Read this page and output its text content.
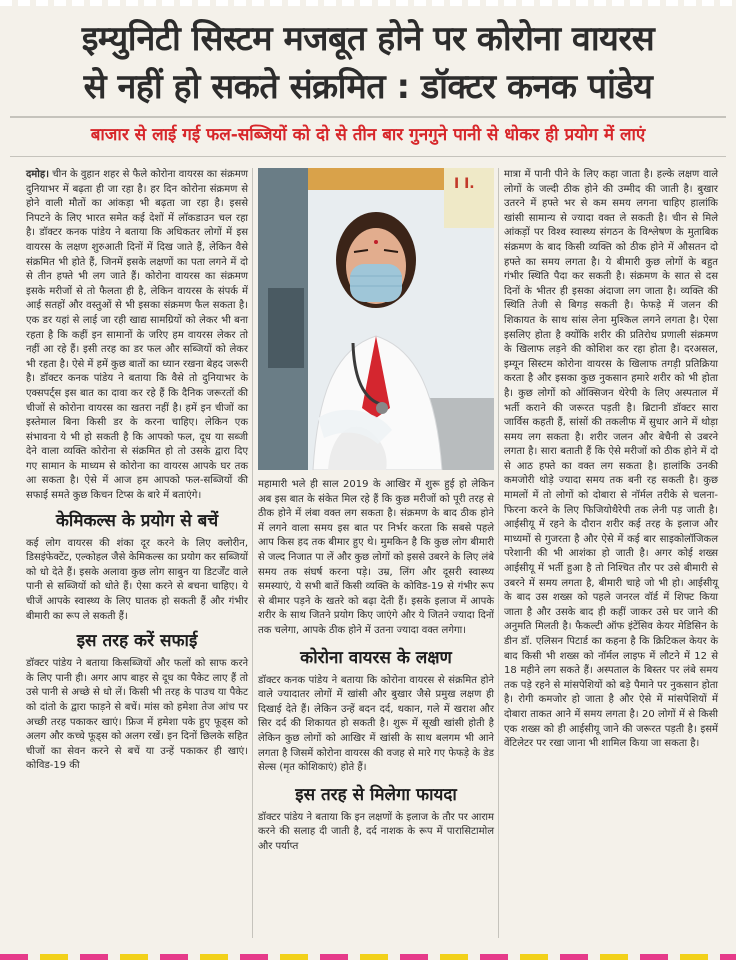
इम्युनिटी सिस्टम मजबूत होने पर कोरोना वायरस
से नहीं हो सकते संक्रमित : डॉक्टर कनक पांडेय
बाजार से लाई गई फल-सब्जियों को दो से तीन बार गुनगुने पानी से धोकर ही प्रयोग में लाएं

दमोह। चीन के वुहान शहर से फैले कोरोना वायरस का संक्रमण दुनियाभर में बढ़ता ही जा रहा है। हर दिन कोरोना संक्रमण से होने वाली मौतों का आंकड़ा भी बढ़ता जा रहा है। इससे निपटने के लिए भारत समेत कई देशों में लॉकडाउन चल रहा है। डॉक्टर कनक पांडेय ने बताया कि अधिकतर लोगों में इस वायरस के लक्षण शुरुआती दिनों में दिख जाते हैं, लेकिन वैसे संक्रमित भी होते हैं, जिनमें इसके लक्षणों का पता लगने में दो से तीन हफ्ते भी लग जाते हैं। कोरोना वायरस का संक्रमण इसके मरीजों से तो फैलता ही है, लेकिन वायरस के संपर्क में आई सतहों और वस्तुओं से भी इसका संक्रमण फैल सकता है। एक डर यहां से लाई जा रही खाद्य सामग्रियों को लेकर भी बना रहता है कि कहीं इन सामानों के जरिए हम वायरस लेकर तो नहीं आ रहे हैं। इसी तरह का डर फल और सब्जियों को लेकर भी रहता है। ऐसे में हमें कुछ बातों का ध्यान रखना बेहद जरूरी है। डॉक्टर कनक पांडेय ने बताया कि वैसे तो दुनियाभर के एक्सपर्ट्स इस बात का दावा कर रहे हैं कि दैनिक जरूरतों की चीजों से कोरोना वायरस का खतरा नहीं है। हमें इन चीजों का इस्तेमाल बिना किसी डर के करना चाहिए। लेकिन एक संभावना ये भी हो सकती है कि आपको फल, दूध या सब्जी देने वाला व्यक्ति कोरोना से संक्रमित हो तो उसके द्वारा दिए गए सामान के माध्यम से कोरोना का वायरस आपके घर तक आ सकता है। ऐसे में आज हम आपको फल-सब्जियों की सफाई समते कुछ किचन टिप्स के बारे में बताएंगे।

केमिकल्स के प्रयोग से बचें

कई लोग वायरस की शंका दूर करने के लिए क्लोरीन, डिसइंफेक्टेंट, एल्कोहल जैसे केमिकल्स का प्रयोग कर सब्जियों को धो देते हैं। इसके अलावा कुछ लोग साबुन या डिटर्जेंट वाले पानी से सब्जियों को धोते हैं। ऐसा करने से बचना चाहिए। ये चीजें आपके स्वास्थ्य के लिए घातक हो सकती हैं और गंभीर बीमारी का रूप ले सकती हैं।

इस तरह करें सफाई

डॉक्टर पांडेय ने बताया किसब्जियों और फलों को साफ करने के लिए पानी ही। अगर आप बाहर से दूध का पैकेट लाए हैं तो उसे पानी से अच्छे से धो लें। किसी भी तरह के पाउच या पैकेट को दांतो के द्वारा फाड़ने से बचें। मांस को हमेशा तेज आंच पर अच्छी तरह पकाकर खाएं। फ्रिज में हमेशा पके हुए फूड्स को अलग और कच्चे फूड्स को अलग रखें। इन दिनों छिलके सहित चीजों का सेवन करने से बचें या उन्हें पकाकर ही खाएं। कोविड-19 की

I I.

महामारी भले ही साल 2019 के आखिर में शुरू हुई हो लेकिन अब इस बात के संकेत मिल रहे हैं कि कुछ मरीजों को पूरी तरह से ठीक होने में लंबा वक्त लग सकता है। संक्रमण के बाद ठीक होने में लगने वाला समय इस बात पर निर्भर करता कि सबसे पहले आप किस हद तक बीमार हुए थे। मुमकिन है कि कुछ लोग बीमारी से जल्द निजात पा लें और कुछ लोगों को इससे उबरने के लिए लंबे समय तक संघर्ष करना पड़े। उम्र, लिंग और दूसरी स्वास्थ्य समस्याएं, ये सभी बातें किसी व्यक्ति के कोविड-19 से गंभीर रूप से बीमार पड़ने के खतरे को बढ़ा देती हैं। इसके इलाज में आपके शरीर के साथ जितने प्रयोग किए जाएंगे और ये जितने ज्यादा दिनों तक चलेगा, आपके ठीक होने में उतना ज्यादा वक्त लगेगा।

कोरोना वायरस के लक्षण

डॉक्टर कनक पांडेय ने बताया कि कोरोना वायरस से संक्रमित होने वाले ज्यादातर लोगों में खांसी और बुखार जैसे प्रमुख लक्षण ही दिखाई देते हैं। लेकिन उन्हें बदन दर्द, थकान, गले में खराश और सिर दर्द की शिकायत हो सकती है। शुरू में सूखी खांसी होती है लेकिन कुछ लोगों को आखिर में खांसी के साथ बलगम भी आने लगता है जिसमें कोरोना वायरस की वजह से मारे गए फेफड़े के डेड सेल्स (मृत कोशिकाएं) होते हैं।

इस तरह से मिलेगा फायदा

डॉक्टर पांडेय ने बताया कि इन लक्षणों के इलाज के तौर पर आराम करने की सलाह दी जाती है, दर्द नाशक के रूप में पारासिटामोल और पर्याप्त

मात्रा में पानी पीने के लिए कहा जाता है। हल्के लक्षण वाले लोगों के जल्दी ठीक होने की उम्मीद की जाती है। बुखार उतरने में हफ्ते भर से कम समय लगना चाहिए हालांकि खांसी सामान्य से ज्यादा वक्त ले सकती है। चीन से मिले आंकड़ों पर विश्व स्वास्थ्य संगठन के विश्लेषण के मुताबिक संक्रमण के बाद किसी व्यक्ति को ठीक होने में औसतन दो हफ्ते का समय लगता है। ये बीमारी कुछ लोगों के बहुत गंभीर स्थिति पैदा कर सकती है। संक्रमण के सात से दस दिनों के भीतर ही इसका अंदाजा लग जाता है। व्यक्ति की स्थिति तेजी से बिगड़ सकती है। फेफड़े में जलन की शिकायत के साथ सांस लेना मुश्किल लगने लगता है। ऐसा इसलिए होता है क्योंकि शरीर की प्रतिरोध प्रणाली संक्रमण के खिलाफ लड़ने की कोशिश कर रहा होता है। दरअसल, इम्यून सिस्टम कोरोना वायरस के खिलाफ तगड़ी प्रतिक्रिया करता है और इसका कुछ नुकसान हमारे शरीर को भी होता है। कुछ लोगों को ऑक्सिजन थेरेपी के लिए अस्पताल में भर्ती कराने की जरूरत पड़ती है। ब्रिटानी डॉक्टर सारा जार्विस कहती हैं, सांसों की तकलीफ में सुधार आने में थोड़ा समय लग सकता है। शरीर जलन और बेचैनी से उबरने लगता है। सारा बताती हैं कि ऐसे मरीजों को ठीक होने में दो से आठ हफ्ते का वक्त लग सकता है। हालांकि उनकी कमजोरी थोड़े ज्यादा समय तक बनी रह सकती है। कुछ मामलों में तो लोगों को दोबारा से नॉर्मल तरीके से चलना-फिरना करने के लिए फिजियोथैरेपी तक लेनी पड़ जाती है। आईसीयू में रहने के दौरान शरीर कई तरह के इलाज और माध्यमों से गुजरता है और ऐसे में कई बार साइकोलॉजिकल परेशानी की भी आशंका हो जाती है। अगर कोई शख्स आईसीयू में भर्ती हुआ है तो निश्चित तौर पर उसे बीमारी से उबरने में समय लगता है, बीमारी चाहे जो भी हो। आईसीयू के बाद उस शख्स को पहले जनरल वॉर्ड में शिफ्ट किया जाता है और उसके बाद ही कहीं जाकर उसे घर जाने की अनुमति मिलती है। फैकल्टी ऑफ इंटेंसिव केयर मेडिसिन के डीन डॉ. एलिसन पिटार्ड का कहना है कि क्रिटिकल केयर के बाद किसी भी शख्स को नॉर्मल लाइफ में लौटने में 12 से 18 महीने लग सकते हैं। अस्पताल के बिस्तर पर लंबे समय तक पड़े रहने से मांसपेशियों को बड़े पैमाने पर नुकसान होता है। रोगी कमजोर हो जाता है और ऐसे में मांसपेशियों में दोबारा ताकत आने में समय लगता है। 20 लोगों में से किसी एक शख्स को ही आईसीयू जाने की जरूरत पड़ती है। इसमें वेंटिलेटर पर रखा जाना भी शामिल किया जा सकता है।
